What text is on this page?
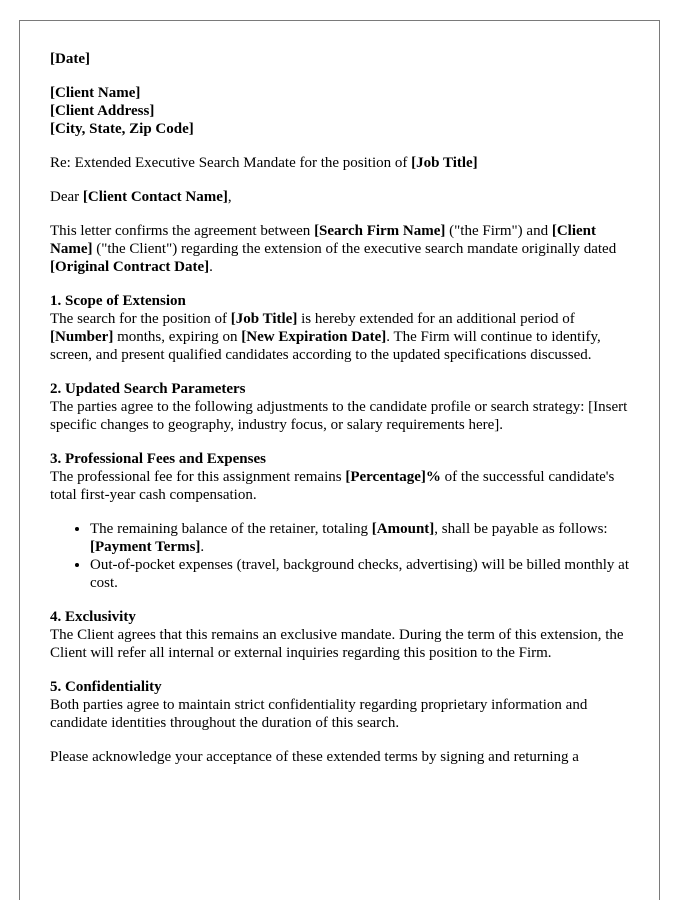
[Date]

[Client Name]
[Client Address]
[City, State, Zip Code]

Re: Extended Executive Search Mandate for the position of [Job Title]

Dear [Client Contact Name],

This letter confirms the agreement between [Search Firm Name] ("the Firm") and [Client Name] ("the Client") regarding the extension of the executive search mandate originally dated [Original Contract Date].

1. Scope of Extension
The search for the position of [Job Title] is hereby extended for an additional period of [Number] months, expiring on [New Expiration Date]. The Firm will continue to identify, screen, and present qualified candidates according to the updated specifications discussed.

2. Updated Search Parameters
The parties agree to the following adjustments to the candidate profile or search strategy: [Insert specific changes to geography, industry focus, or salary requirements here].

3. Professional Fees and Expenses
The professional fee for this assignment remains [Percentage]% of the successful candidate's total first-year cash compensation.

• The remaining balance of the retainer, totaling [Amount], shall be payable as follows: [Payment Terms].
• Out-of-pocket expenses (travel, background checks, advertising) will be billed monthly at cost.

4. Exclusivity
The Client agrees that this remains an exclusive mandate. During the term of this extension, the Client will refer all internal or external inquiries regarding this position to the Firm.

5. Confidentiality
Both parties agree to maintain strict confidentiality regarding proprietary information and candidate identities throughout the duration of this search.

Please acknowledge your acceptance of these extended terms by signing and returning a
